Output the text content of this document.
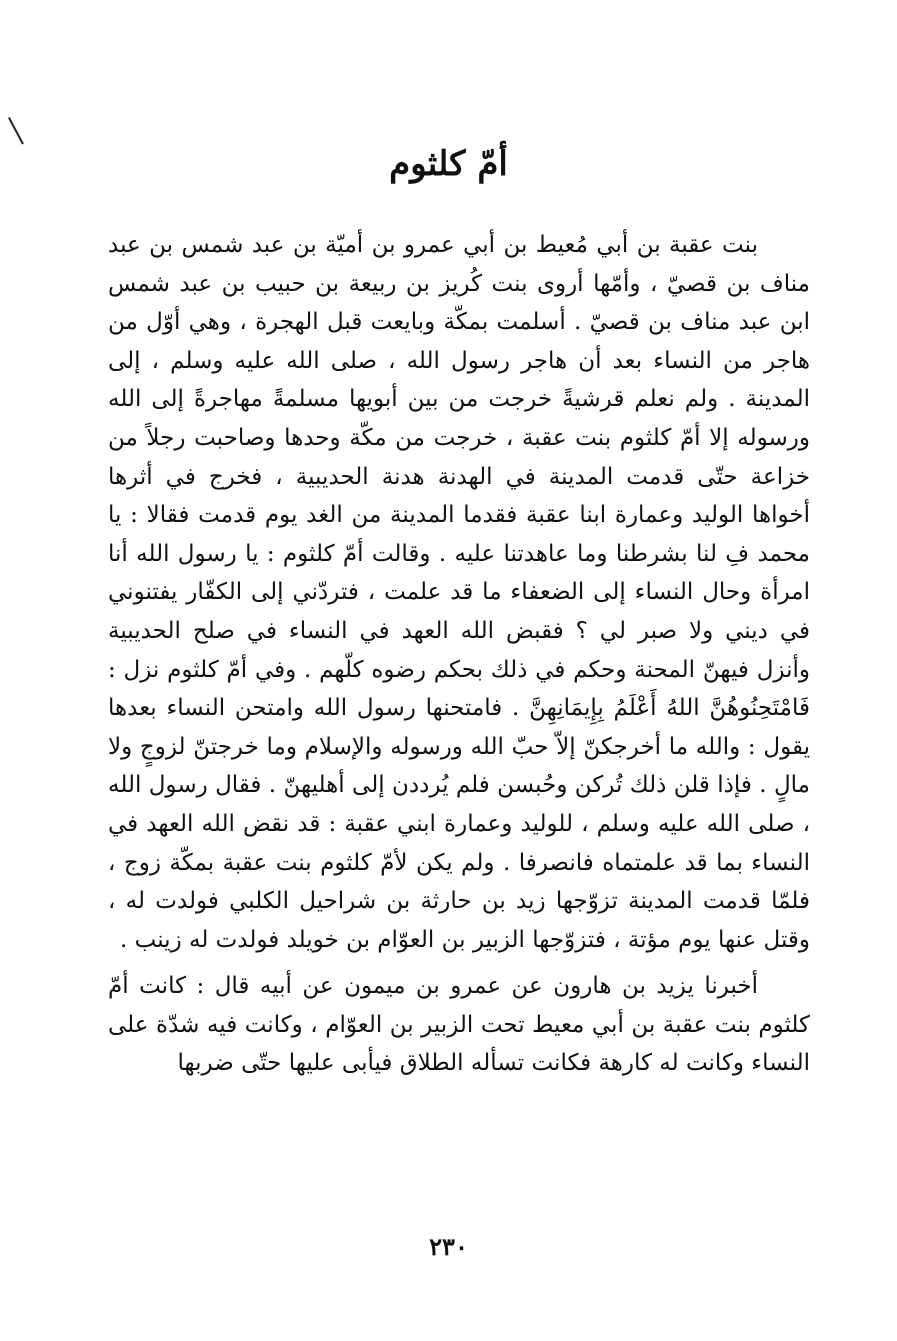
أمّ كلثوم

بنت عقبة بن أبي مُعيط بن أبي عمرو بن أميّة بن عبد شمس بن عبد مناف بن قصيّ ، وأمّها أروى بنت كُريز بن ربيعة بن حبيب بن عبد شمس ابن عبد مناف بن قصيّ . أسلمت بمكّة وبايعت قبل الهجرة ، وهي أوّل من هاجر من النساء بعد أن هاجر رسول الله ، صلى الله عليه وسلم ، إلى المدينة . ولم نعلم قرشيةً خرجت من بين أبويها مسلمةً مهاجرةً إلى الله ورسوله إلا أمّ كلثوم بنت عقبة ، خرجت من مكّة وحدها وصاحبت رجلاً من خزاعة حتّى قدمت المدينة في الهدنة هدنة الحديبية ، فخرج في أثرها أخواها الوليد وعمارة ابنا عقبة فقدما المدينة من الغد يوم قدمت فقالا : يا محمد فِ لنا بشرطنا وما عاهدتنا عليه . وقالت أمّ كلثوم : يا رسول الله أنا امرأة وحال النساء إلى الضعفاء ما قد علمت ، فتردّني إلى الكفّار يفتنوني في ديني ولا صبر لي ؟ فقبض الله العهد في النساء في صلح الحديبية وأنزل فيهنّ المحنة وحكم في ذلك بحكم رضوه كلّهم . وفي أمّ كلثوم نزل : فَامْتَحِنُوهُنَّ اللهُ أَعْلَمُ بِإِيمَانِهِنَّ . فامتحنها رسول الله وامتحن النساء بعدها يقول : والله ما أخرجكنّ إلاّ حبّ الله ورسوله والإسلام وما خرجتنّ لزوجٍ ولا مالٍ . فإذا قلن ذلك تُركن وحُبسن فلم يُرددن إلى أهليهنّ . فقال رسول الله ، صلى الله عليه وسلم ، للوليد وعمارة ابني عقبة : قد نقض الله العهد في النساء بما قد علمتماه فانصرفا . ولم يكن لأمّ كلثوم بنت عقبة بمكّة زوج ، فلمّا قدمت المدينة تزوّجها زيد بن حارثة بن شراحيل الكلبي فولدت له ، وقتل عنها يوم مؤتة ، فتزوّجها الزبير بن العوّام بن خويلد فولدت له زينب .

أخبرنا يزيد بن هارون عن عمرو بن ميمون عن أبيه قال : كانت أمّ كلثوم بنت عقبة بن أبي معيط تحت الزبير بن العوّام ، وكانت فيه شدّة على النساء وكانت له كارهة فكانت تسأله الطلاق فيأبى عليها حتّى ضربها

٢٣٠
